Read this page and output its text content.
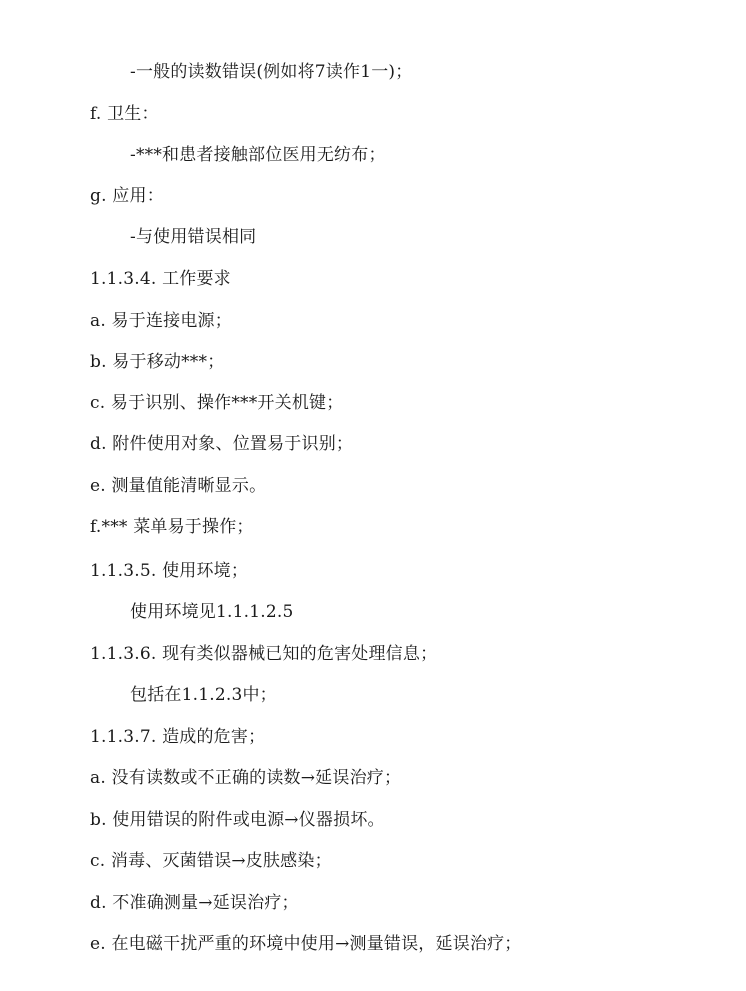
-一般的读数错误(例如将7读作1一)；
f. 卫生：
-***和患者接触部位医用无纺布；
g. 应用：
-与使用错误相同
1.1.3.4. 工作要求
a. 易于连接电源；
b. 易于移动***；
c. 易于识别、操作***开关机键；
d. 附件使用对象、位置易于识别；
e. 测量值能清晰显示。
f.*** 菜单易于操作；
1.1.3.5. 使用环境；
使用环境见1.1.1.2.5
1.1.3.6. 现有类似器械已知的危害处理信息；
包括在1.1.2.3中；
1.1.3.7. 造成的危害；
a. 没有读数或不正确的读数→延误治疗；
b. 使用错误的附件或电源→仪器损坏。
c. 消毒、灭菌错误→皮肤感染；
d. 不准确测量→延误治疗；
e. 在电磁干扰严重的环境中使用→测量错误，延误治疗；
